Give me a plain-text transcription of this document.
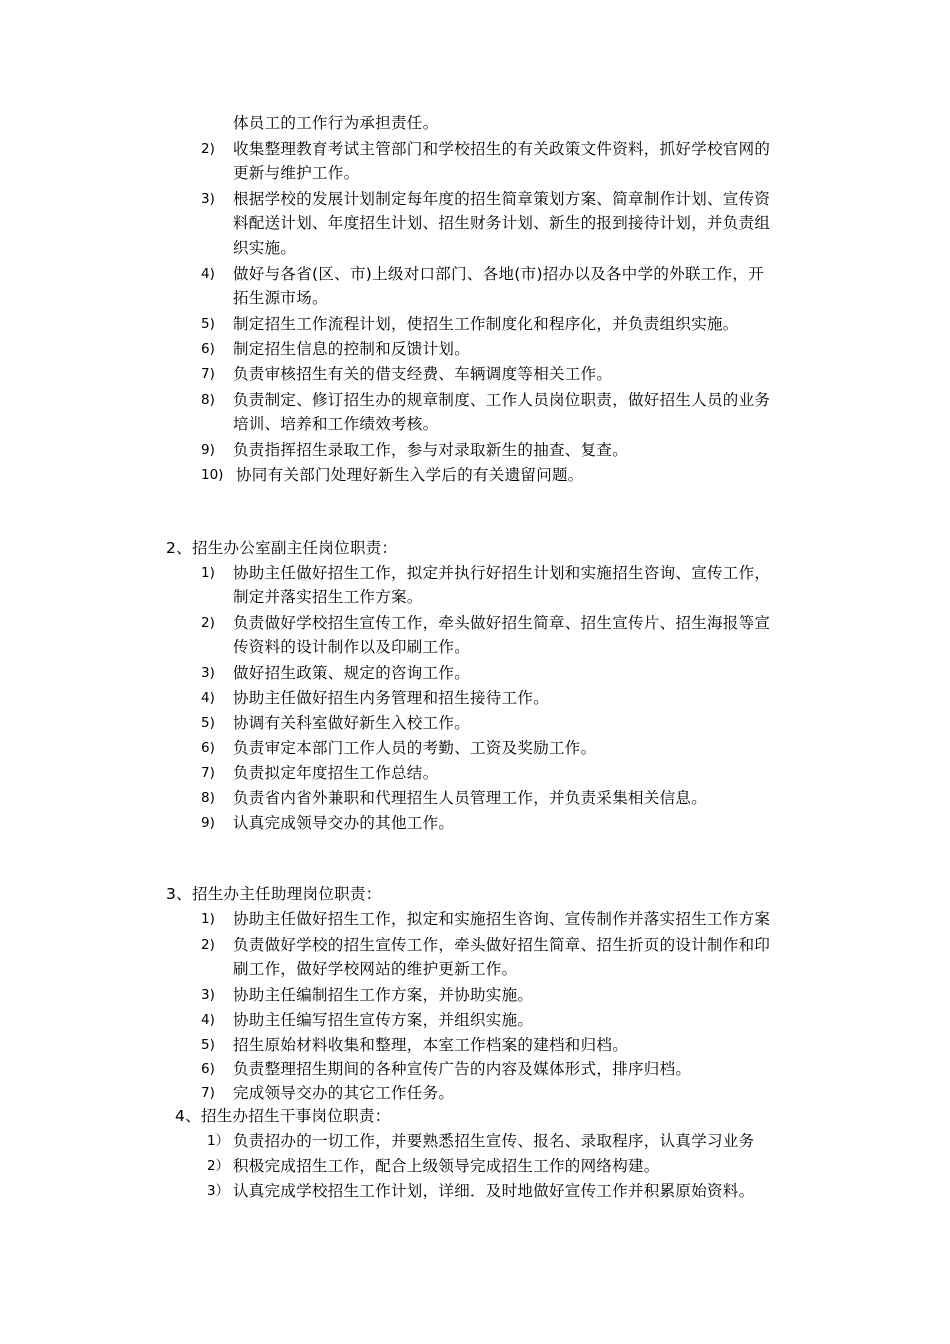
体员工的工作行为承担责任。
2) 收集整理教育考试主管部门和学校招生的有关政策文件资料，抓好学校官网的
更新与维护工作。
3) 根据学校的发展计划制定每年度的招生简章策划方案、简章制作计划、宣传资
料配送计划、年度招生计划、招生财务计划、新生的报到接待计划，并负责组
织实施。
4) 做好与各省(区、市)上级对口部门、各地(市)招办以及各中学的外联工作，开
拓生源市场。
5) 制定招生工作流程计划，使招生工作制度化和程序化，并负责组织实施。
6) 制定招生信息的控制和反馈计划。
7) 负责审核招生有关的借支经费、车辆调度等相关工作。
8) 负责制定、修订招生办的规章制度、工作人员岗位职责，做好招生人员的业务
培训、培养和工作绩效考核。
9) 负责指挥招生录取工作，参与对录取新生的抽查、复查。
10) 协同有关部门处理好新生入学后的有关遗留问题。
2、招生办公室副主任岗位职责：
1) 协助主任做好招生工作，拟定并执行好招生计划和实施招生咨询、宣传工作，
制定并落实招生工作方案。
2) 负责做好学校招生宣传工作，牵头做好招生简章、招生宣传片、招生海报等宣
传资料的设计制作以及印刷工作。
3) 做好招生政策、规定的咨询工作。
4) 协助主任做好招生内务管理和招生接待工作。
5) 协调有关科室做好新生入校工作。
6) 负责审定本部门工作人员的考勤、工资及奖励工作。
7) 负责拟定年度招生工作总结。
8) 负责省内省外兼职和代理招生人员管理工作，并负责采集相关信息。
9) 认真完成领导交办的其他工作。
3、招生办主任助理岗位职责：
1) 协助主任做好招生工作，拟定和实施招生咨询、宣传制作并落实招生工作方案
2) 负责做好学校的招生宣传工作，牵头做好招生简章、招生折页的设计制作和印
刷工作，做好学校网站的维护更新工作。
3) 协助主任编制招生工作方案，并协助实施。
4) 协助主任编写招生宣传方案，并组织实施。
5) 招生原始材料收集和整理，本室工作档案的建档和归档。
6) 负责整理招生期间的各种宣传广告的内容及媒体形式，排序归档。
7) 完成领导交办的其它工作任务。
4、招生办招生干事岗位职责：
1） 负责招办的一切工作，并要熟悉招生宣传、报名、录取程序，认真学习业务
2） 积极完成招生工作，配合上级领导完成招生工作的网络构建。
3） 认真完成学校招生工作计划，详细．及时地做好宣传工作并积累原始资料。
